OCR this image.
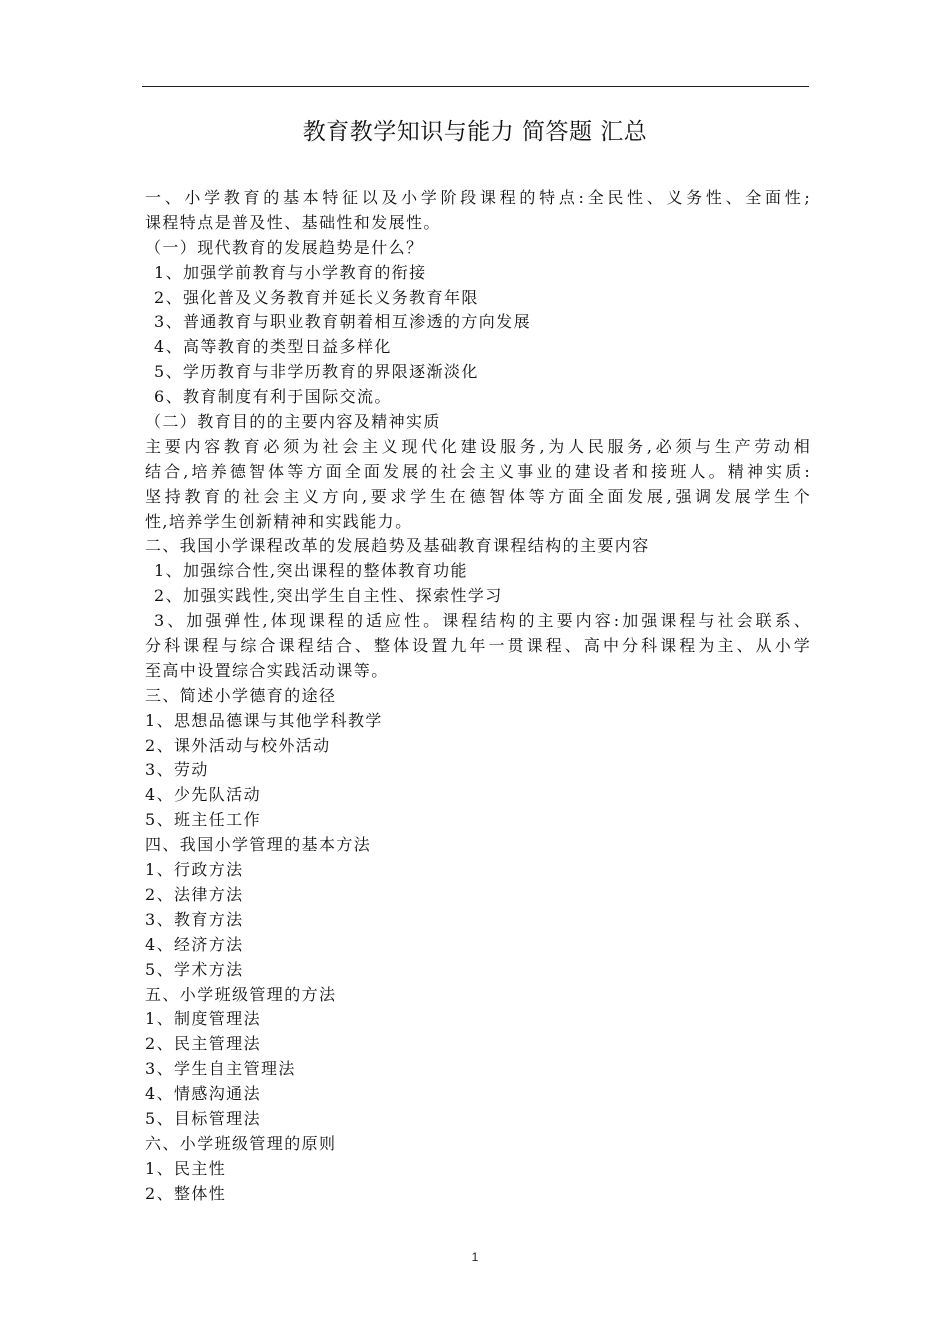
教育教学知识与能力 简答题 汇总
一、小学教育的基本特征以及小学阶段课程的特点:全民性、义务性、全面性;
课程特点是普及性、基础性和发展性。
（一）现代教育的发展趋势是什么？
1、加强学前教育与小学教育的衔接
2、强化普及义务教育并延长义务教育年限
3、普通教育与职业教育朝着相互渗透的方向发展
4、高等教育的类型日益多样化
5、学历教育与非学历教育的界限逐渐淡化
6、教育制度有利于国际交流。
（二）教育目的的主要内容及精神实质
主要内容教育必须为社会主义现代化建设服务,为人民服务,必须与生产劳动相
结合,培养德智体等方面全面发展的社会主义事业的建设者和接班人。精神实质:
坚持教育的社会主义方向,要求学生在德智体等方面全面发展,强调发展学生个
性,培养学生创新精神和实践能力。
二、我国小学课程改革的发展趋势及基础教育课程结构的主要内容
1、加强综合性,突出课程的整体教育功能
2、加强实践性,突出学生自主性、探索性学习
3、加强弹性,体现课程的适应性。课程结构的主要内容:加强课程与社会联系、
分科课程与综合课程结合、整体设置九年一贯课程、高中分科课程为主、从小学
至高中设置综合实践活动课等。
三、简述小学德育的途径
1、思想品德课与其他学科教学
2、课外活动与校外活动
3、劳动
4、少先队活动
5、班主任工作
四、我国小学管理的基本方法
1、行政方法
2、法律方法
3、教育方法
4、经济方法
5、学术方法
五、小学班级管理的方法
1、制度管理法
2、民主管理法
3、学生自主管理法
4、情感沟通法
5、目标管理法
六、小学班级管理的原则
1、民主性
2、整体性
1
